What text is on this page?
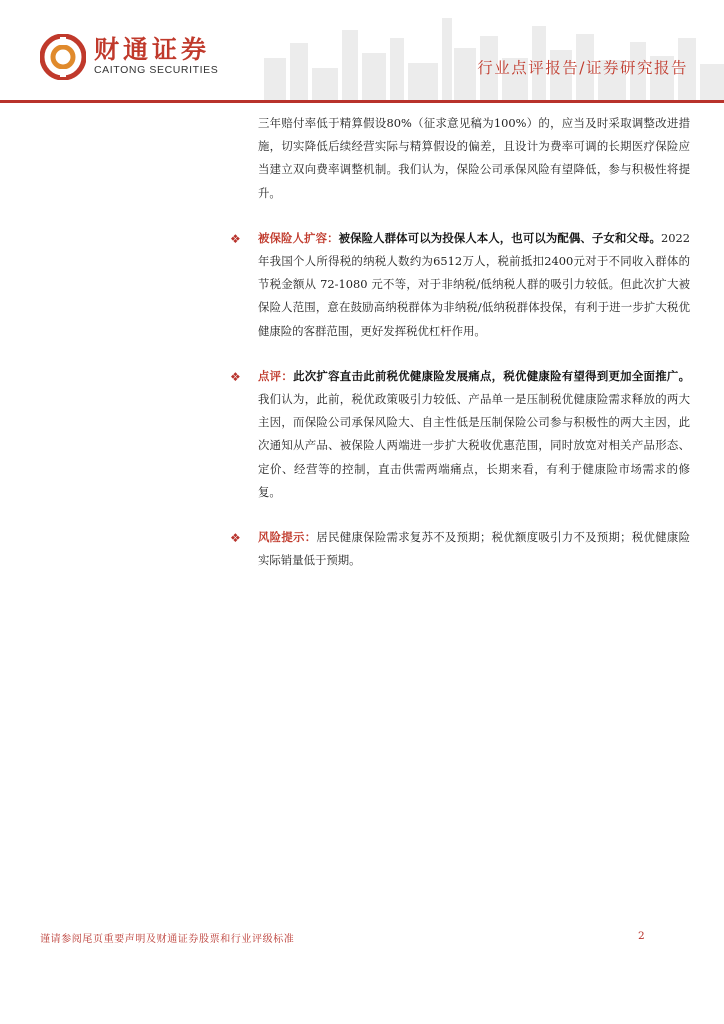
财通证券
CAITONG SECURITIES	行业点评报告/证券研究报告

三年赔付率低于精算假设80%（征求意见稿为100%）的，应当及时采取调整改进措施，切实降低后续经营实际与精算假设的偏差，且设计为费率可调的长期医疗保险应当建立双向费率调整机制。我们认为，保险公司承保风险有望降低，参与积极性将提升。

❖ 被保险人扩容：被保险人群体可以为投保人本人，也可以为配偶、子女和父母。2022年我国个人所得税的纳税人数约为6512万人，税前抵扣2400元对于不同收入群体的节税金额从 72-1080 元不等，对于非纳税/低纳税人群的吸引力较低。但此次扩大被保险人范围，意在鼓励高纳税群体为非纳税/低纳税群体投保，有利于进一步扩大税优健康险的客群范围，更好发挥税优杠杆作用。

❖ 点评：此次扩容直击此前税优健康险发展痛点，税优健康险有望得到更加全面推广。我们认为，此前，税优政策吸引力较低、产品单一是压制税优健康险需求释放的两大主因，而保险公司承保风险大、自主性低是压制保险公司参与积极性的两大主因，此次通知从产品、被保险人两端进一步扩大税收优惠范围，同时放宽对相关产品形态、定价、经营等的控制，直击供需两端痛点，长期来看，有利于健康险市场需求的修复。

❖ 风险提示：居民健康保险需求复苏不及预期；税优额度吸引力不及预期；税优健康险实际销量低于预期。

谨请参阅尾页重要声明及财通证券股票和行业评级标准	2
